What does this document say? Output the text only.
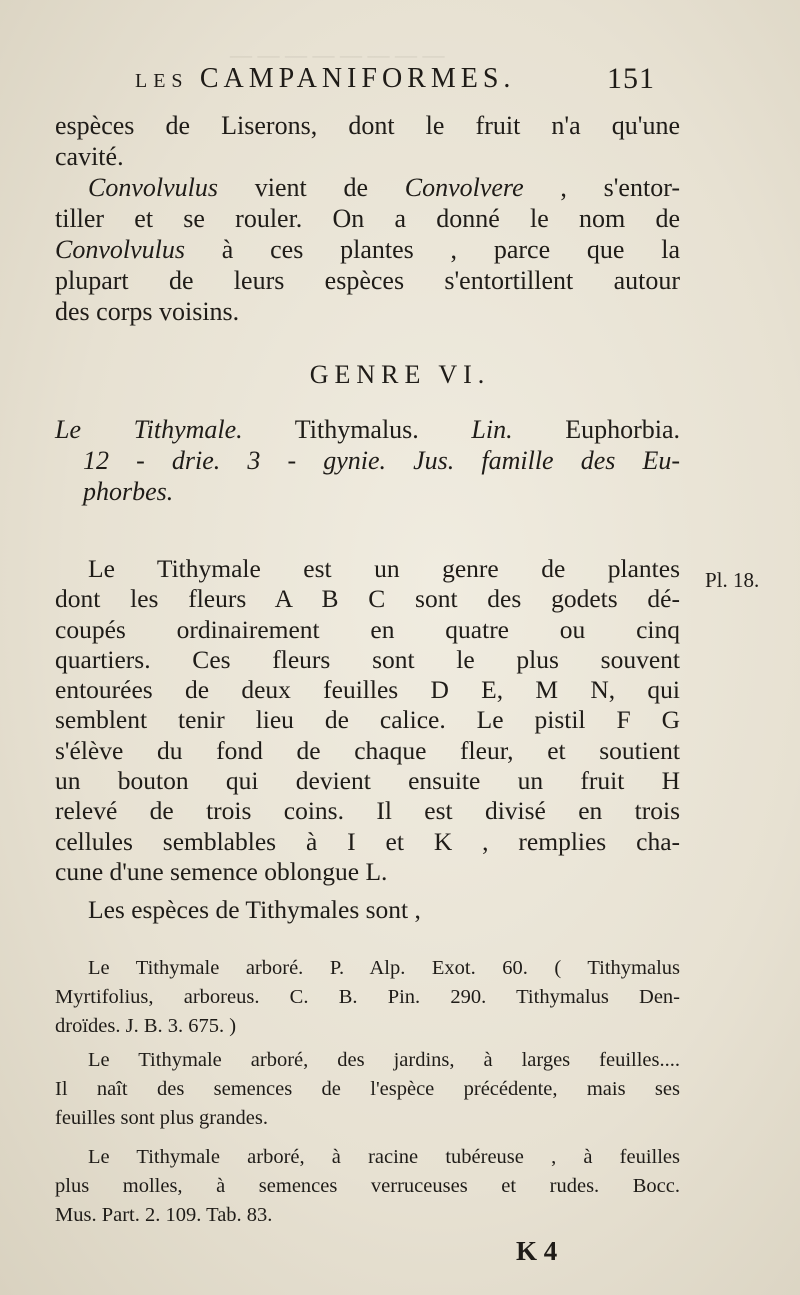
— — — — — — — —
LES CAMPANIFORMES.	151
espèces de Liserons, dont le fruit n'a qu'une
cavité.
Convolvulus vient de Convolvere , s'entor-
tiller et se rouler. On a donné le nom de
Convolvulus à ces plantes , parce que la
plupart de leurs espèces s'entortillent autour
des corps voisins.
GENRE VI.
Le Tithymale. Tithymalus. Lin. Euphorbia.
12 - drie. 3 - gynie. Jus. famille des Eu-
phorbes.
Le Tithymale est un genre de plantes
dont les fleurs A B C sont des godets dé-
coupés ordinairement en quatre ou cinq
quartiers. Ces fleurs sont le plus souvent
entourées de deux feuilles D E, M N, qui
semblent tenir lieu de calice. Le pistil F G
s'élève du fond de chaque fleur, et soutient
un bouton qui devient ensuite un fruit H
relevé de trois coins. Il est divisé en trois
cellules semblables à I et K , remplies cha-
cune d'une semence oblongue L.
Les espèces de Tithymales sont ,
Pl. 18.
Le Tithymale arboré. P. Alp. Exot. 60. ( Tithymalus
Myrtifolius, arboreus. C. B. Pin. 290. Tithymalus Den-
droïdes. J. B. 3. 675. )
Le Tithymale arboré, des jardins, à larges feuilles....
Il naît des semences de l'espèce précédente, mais ses
feuilles sont plus grandes.
Le Tithymale arboré, à racine tubéreuse , à feuilles
plus molles, à semences verruceuses et rudes. Bocc.
Mus. Part. 2. 109. Tab. 83.
K 4
